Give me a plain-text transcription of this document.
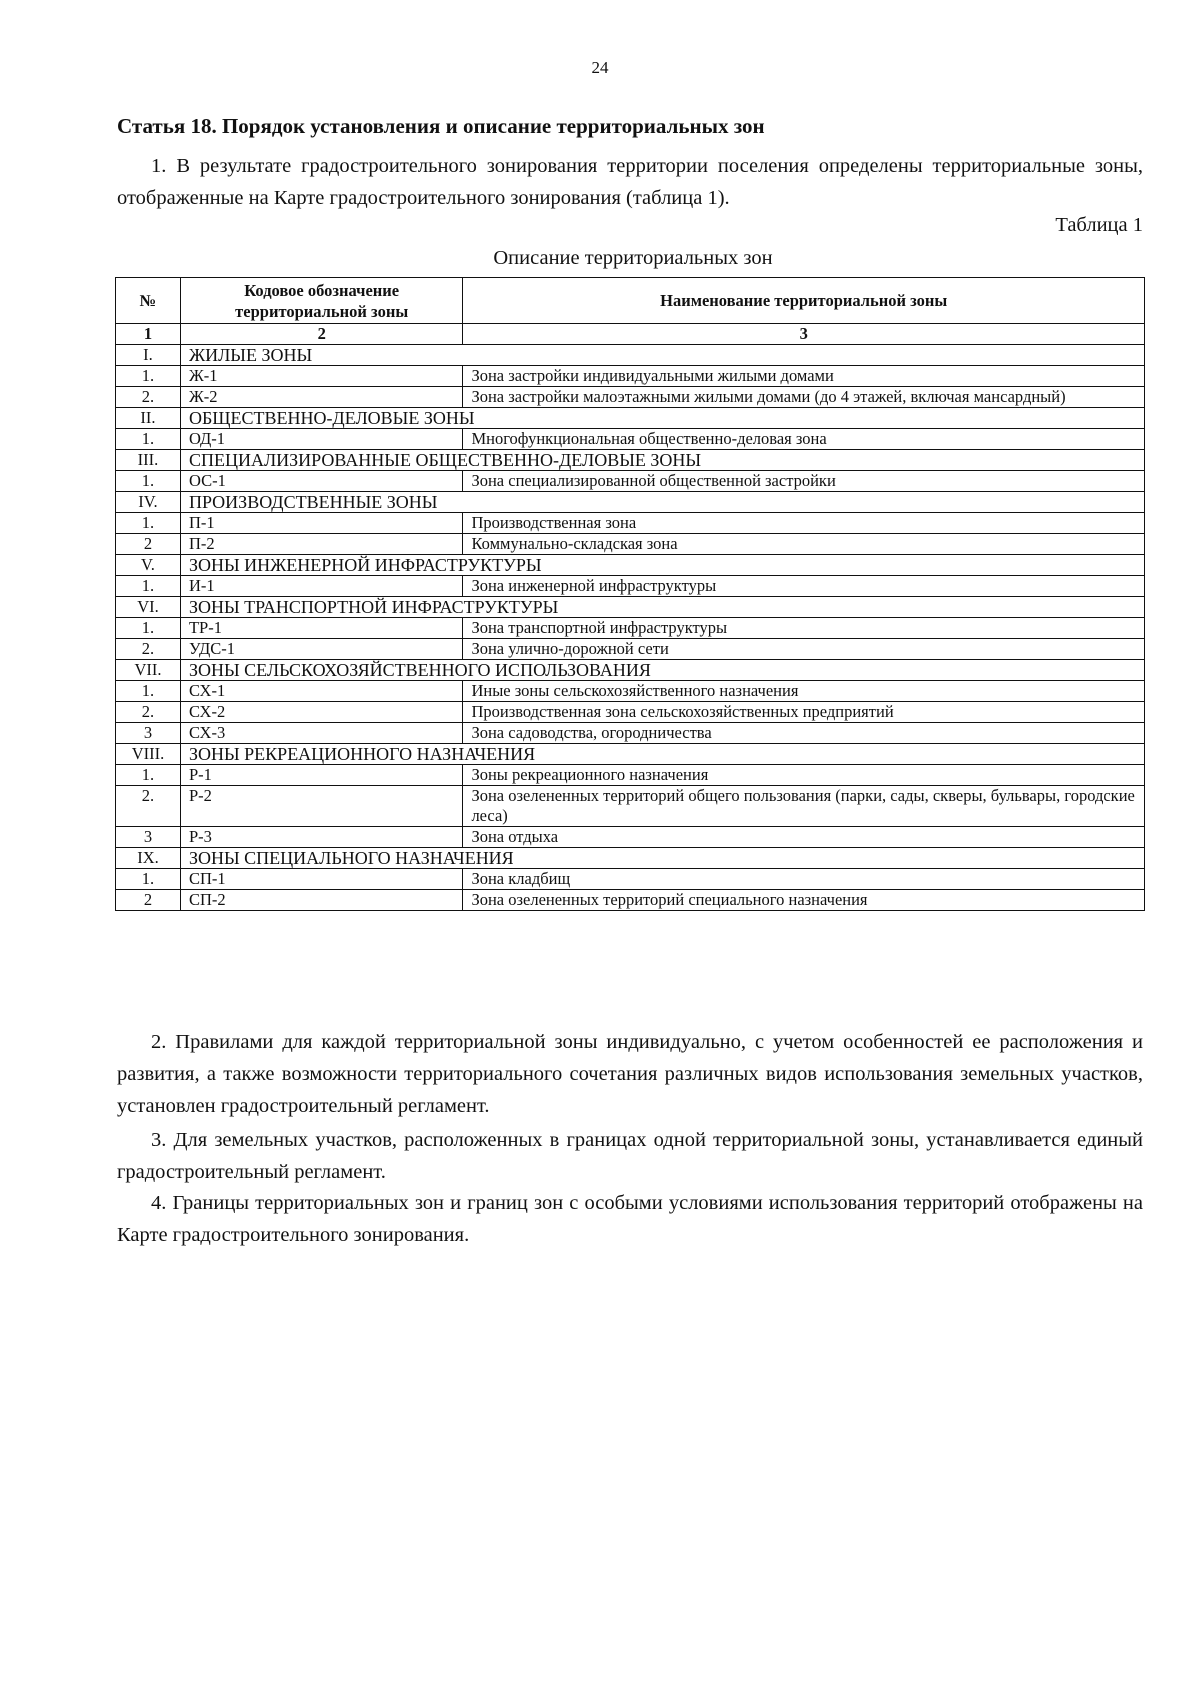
24
Статья 18. Порядок установления и описание территориальных зон

1. В результате градостроительного зонирования территории поселения определены территориальные зоны, отображенные на Карте градостроительного зонирования (таблица 1).

Таблица 1
Описание территориальных зон
№	Кодовое обозначение территориальной зоны	Наименование территориальной зоны
1	2	3
I.	ЖИЛЫЕ ЗОНЫ	
1.	Ж-1	Зона застройки индивидуальными жилыми домами
2.	Ж-2	Зона застройки малоэтажными жилыми домами (до 4 этажей, включая мансардный)
II.	ОБЩЕСТВЕННО-ДЕЛОВЫЕ ЗОНЫ	
1.	ОД-1	Многофункциональная общественно-деловая зона
III.	СПЕЦИАЛИЗИРОВАННЫЕ ОБЩЕСТВЕННО-ДЕЛОВЫЕ ЗОНЫ	
1.	ОС-1	Зона специализированной общественной застройки
IV.	ПРОИЗВОДСТВЕННЫЕ ЗОНЫ	
1.	П-1	Производственная зона
2	П-2	Коммунально-складская зона
V.	ЗОНЫ ИНЖЕНЕРНОЙ ИНФРАСТРУКТУРЫ	
1.	И-1	Зона инженерной инфраструктуры
VI.	ЗОНЫ ТРАНСПОРТНОЙ ИНФРАСТРУКТУРЫ	
1.	ТР-1	Зона транспортной инфраструктуры
2.	УДС-1	Зона улично-дорожной сети
VII.	ЗОНЫ СЕЛЬСКОХОЗЯЙСТВЕННОГО ИСПОЛЬЗОВАНИЯ	
1.	СХ-1	Иные зоны сельскохозяйственного назначения
2.	СХ-2	Производственная зона сельскохозяйственных предприятий
3	СХ-3	Зона садоводства, огородничества
VIII.	ЗОНЫ РЕКРЕАЦИОННОГО НАЗНАЧЕНИЯ	
1.	Р-1	Зоны рекреационного назначения
2.	Р-2	Зона озелененных территорий общего пользования (парки, сады, скверы, бульвары, городские леса)
3	Р-3	Зона отдыха
IX.	ЗОНЫ СПЕЦИАЛЬНОГО НАЗНАЧЕНИЯ	
1.	СП-1	Зона кладбищ
2	СП-2	Зона озелененных территорий специального назначения

2. Правилами для каждой территориальной зоны индивидуально, с учетом особенностей ее расположения и развития, а также возможности территориального сочетания различных видов использования земельных участков, установлен градостроительный регламент.

3. Для земельных участков, расположенных в границах одной территориальной зоны, устанавливается единый градостроительный регламент.

4. Границы территориальных зон и границ зон с особыми условиями использования территорий отображены на Карте градостроительного зонирования.
